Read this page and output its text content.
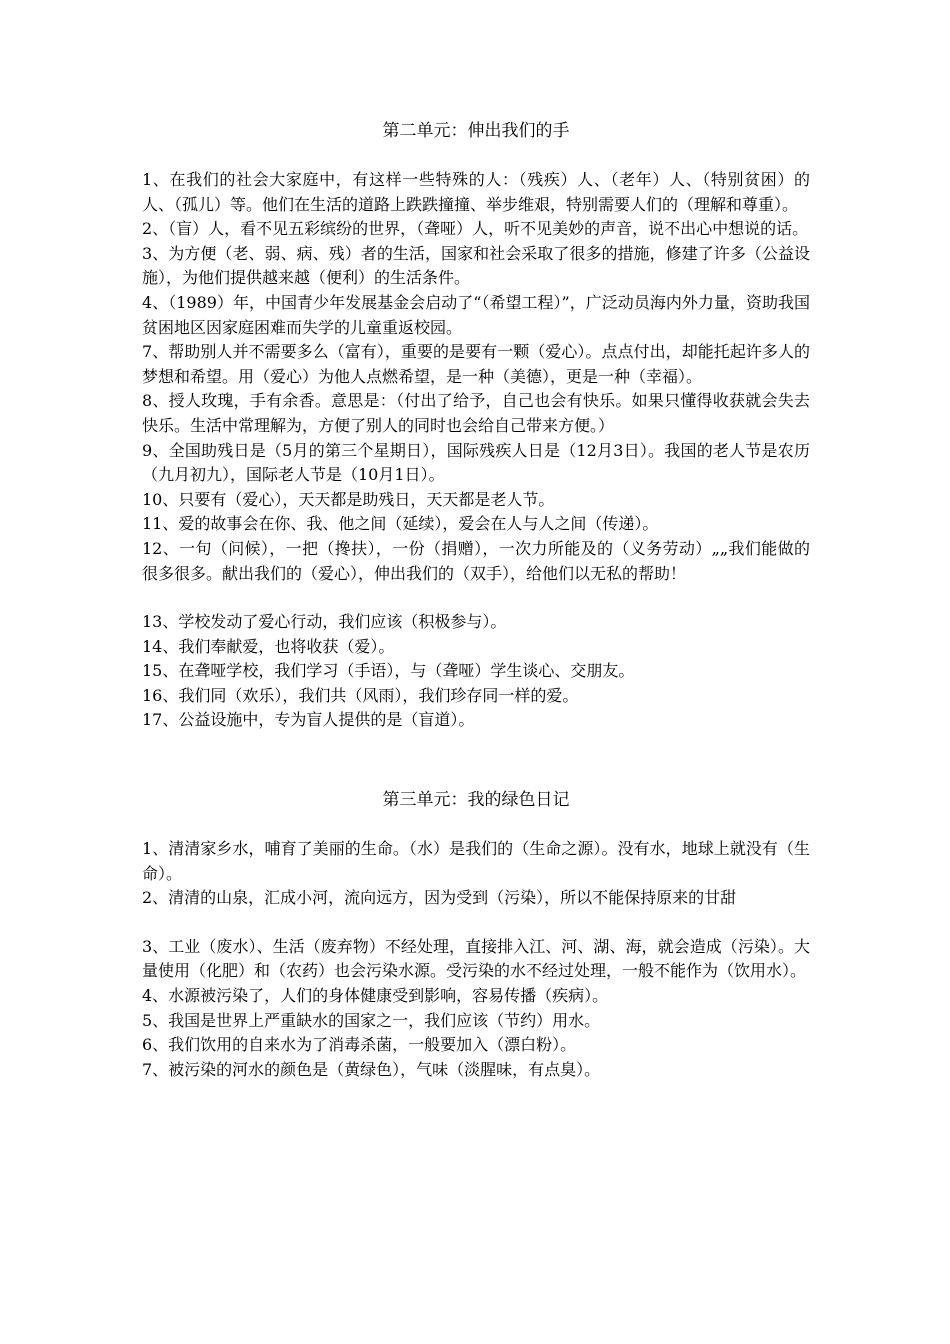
第二单元：伸出我们的手

1、在我们的社会大家庭中，有这样一些特殊的人：（残疾）人、（老年）人、（特别贫困）的人、（孤儿）等。他们在生活的道路上跌跌撞撞、举步维艰，特别需要人们的（理解和尊重）。

2、（盲）人，看不见五彩缤纷的世界，（聋哑）人，听不见美妙的声音，说不出心中想说的话。

3、为方便（老、弱、病、残）者的生活，国家和社会采取了很多的措施，修建了许多（公益设施），为他们提供越来越（便利）的生活条件。

4、（1989）年，中国青少年发展基金会启动了“（希望工程）”，广泛动员海内外力量，资助我国贫困地区因家庭困难而失学的儿童重返校园。

7、帮助别人并不需要多么（富有），重要的是要有一颗（爱心）。点点付出，却能托起许多人的梦想和希望。用（爱心）为他人点燃希望，是一种（美德），更是一种（幸福）。

8、授人玫瑰，手有余香。意思是：（付出了给予，自己也会有快乐。如果只懂得收获就会失去快乐。生活中常理解为，方便了别人的同时也会给自己带来方便。）

9、全国助残日是（5月的第三个星期日），国际残疾人日是（12月3日）。我国的老人节是农历（九月初九），国际老人节是（10月1日）。

10、只要有（爱心），天天都是助残日，天天都是老人节。

11、爱的故事会在你、我、他之间（延续），爱会在人与人之间（传递）。

12、一句（问候），一把（搀扶），一份（捐赠），一次力所能及的（义务劳动）„„我们能做的很多很多。献出我们的（爱心），伸出我们的（双手），给他们以无私的帮助！

13、学校发动了爱心行动，我们应该（积极参与）。

14、我们奉献爱，也将收获（爱）。

15、在聋哑学校，我们学习（手语），与（聋哑）学生谈心、交朋友。

16、我们同（欢乐），我们共（风雨），我们珍存同一样的爱。

17、公益设施中，专为盲人提供的是（盲道）。

第三单元：我的绿色日记

1、清清家乡水，哺育了美丽的生命。（水）是我们的（生命之源）。没有水，地球上就没有（生命）。

2、清清的山泉，汇成小河，流向远方，因为受到（污染），所以不能保持原来的甘甜

3、工业（废水）、生活（废弃物）不经处理，直接排入江、河、湖、海，就会造成（污染）。大量使用（化肥）和（农药）也会污染水源。受污染的水不经过处理，一般不能作为（饮用水）。

4、水源被污染了，人们的身体健康受到影响，容易传播（疾病）。

5、我国是世界上严重缺水的国家之一，我们应该（节约）用水。

6、我们饮用的自来水为了消毒杀菌，一般要加入（漂白粉）。

7、被污染的河水的颜色是（黄绿色），气味（淡腥味，有点臭）。
